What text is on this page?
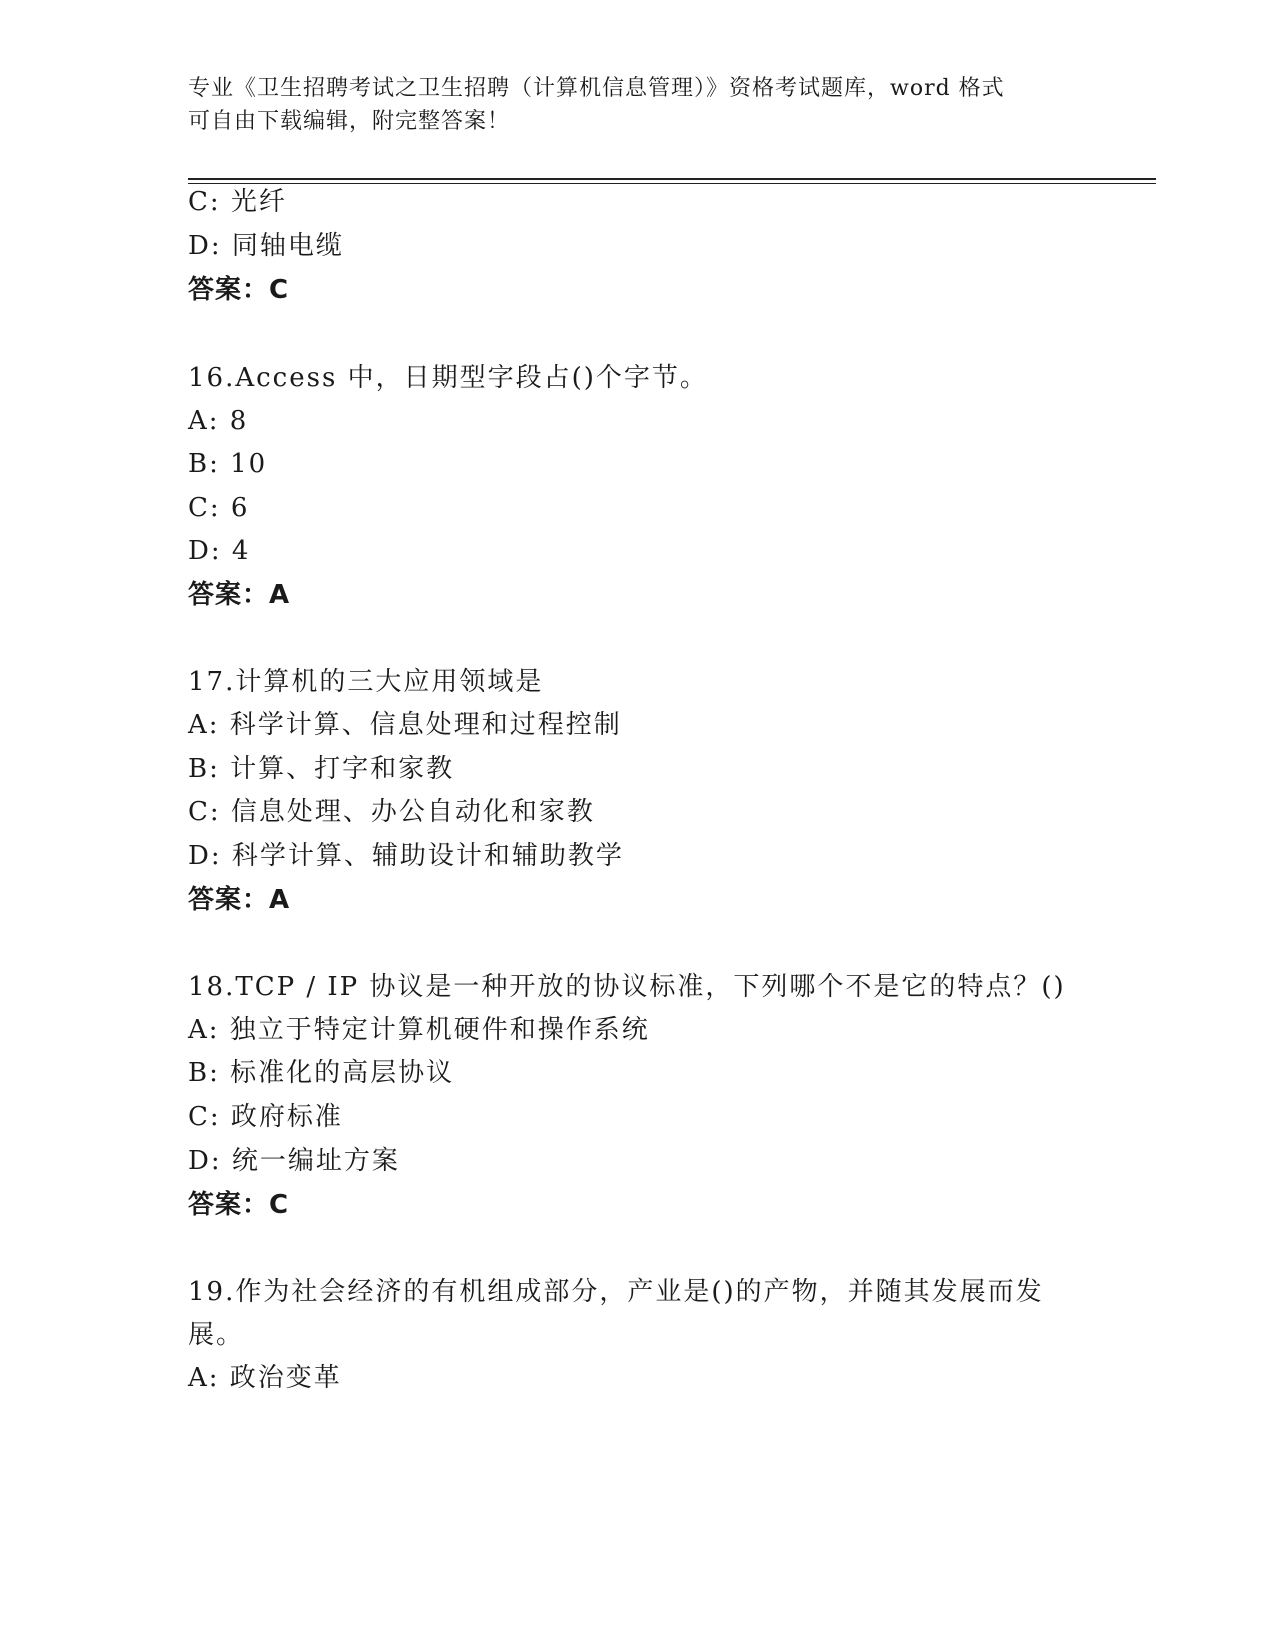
专业《卫生招聘考试之卫生招聘（计算机信息管理）》资格考试题库，word 格式
可自由下载编辑，附完整答案！
C: 光纤
D: 同轴电缆
答案：C
16.Access 中，日期型字段占()个字节。
A: 8
B: 10
C: 6
D: 4
答案：A
17.计算机的三大应用领域是
A: 科学计算、信息处理和过程控制
B: 计算、打字和家教
C: 信息处理、办公自动化和家教
D: 科学计算、辅助设计和辅助教学
答案：A
18.TCP / IP 协议是一种开放的协议标准，下列哪个不是它的特点？()
A: 独立于特定计算机硬件和操作系统
B: 标准化的高层协议
C: 政府标准
D: 统一编址方案
答案：C
19.作为社会经济的有机组成部分，产业是()的产物，并随其发展而发
展。
A: 政治变革
